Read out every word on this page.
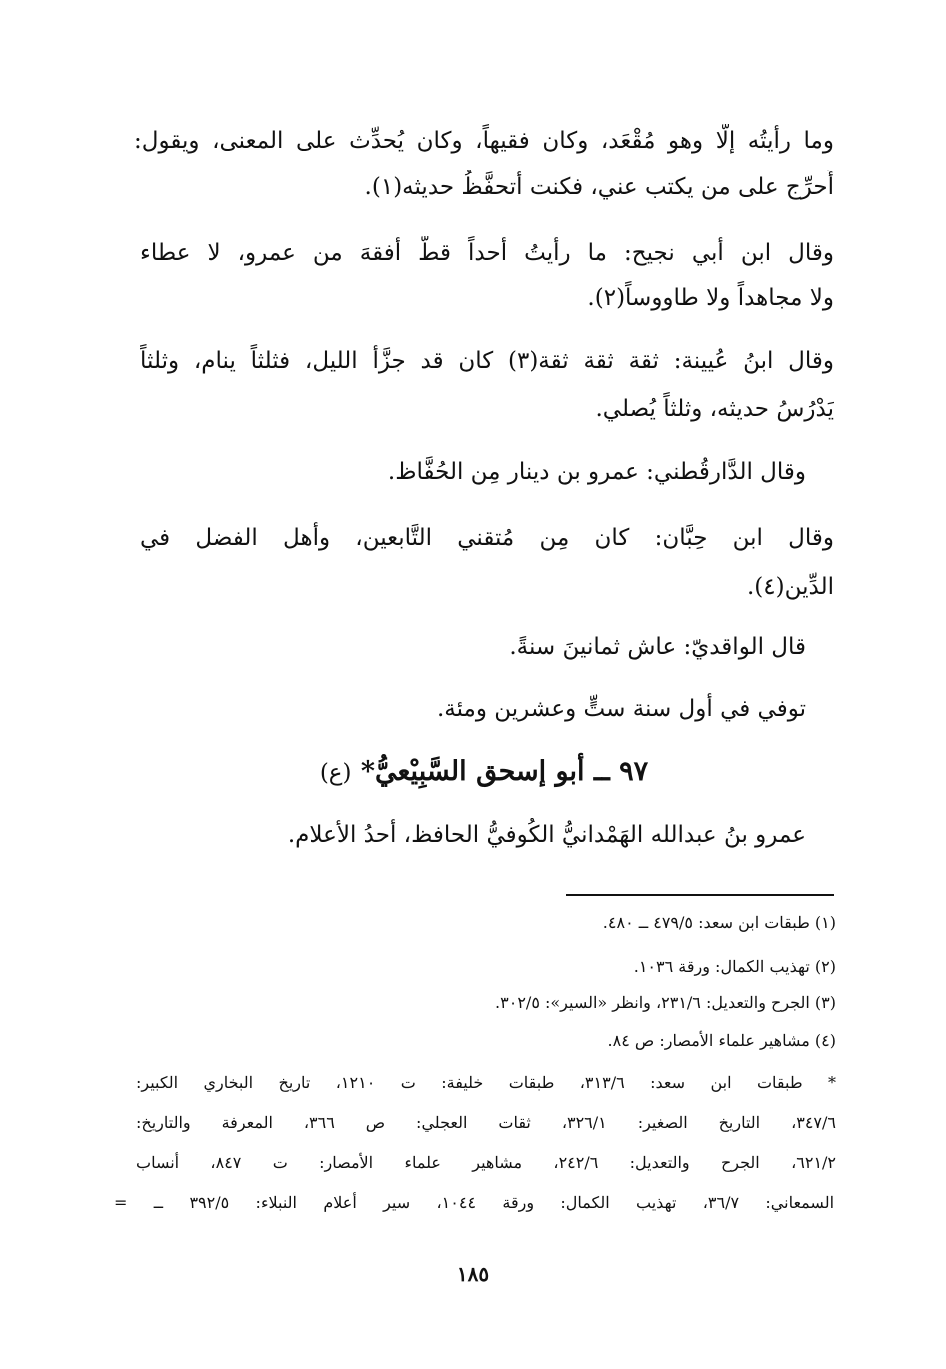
وما رأيتُه إلَّا وهو مُقْعَد، وكان فقيهاً، وكان يُحدِّث على المعنى، ويقول:
أُحرِّج على من يكتب عني، فكنت أتحفَّظُ حديثه(١).
وقال ابن أبي نجيح: ما رأيتُ أحداً قطُّ أفقهَ من عمرو، لا عطاء
ولا مجاهداً ولا طاووساً(٢).
وقال ابنُ عُيينة: ثقة ثقة ثقة(٣) كان قد جزَّأ الليل، فثلثاً ينام، وثلثاً
يَدْرُسُ حديثه، وثلثاً يُصلي.
وقال الدَّارقُطني: عمرو بن دينار مِن الحُفَّاظ.
وقال ابن حِبَّان: كان مِن مُتقني التَّابعين، وأهل الفضل في
الدِّين(٤).
قال الواقديّ: عاش ثمانينَ سنةً.
توفي في أول سنة ستٍّ وعشرين ومئة.
٩٧ ــ أبو إسحق السَّبِيْعيُّ* (ع)
عمرو بنُ عبدالله الهَمْدانيُّ الكُوفيُّ الحافظ، أحدُ الأعلام.
(١) طبقات ابن سعد: ٤٧٩/٥ ــ ٤٨٠.
(٢) تهذيب الكمال: ورقة ١٠٣٦.
(٣) الجرح والتعديل: ٢٣١/٦، وانظر «السير»: ٣٠٢/٥.
(٤) مشاهير علماء الأمصار: ص ٨٤.
* طبقات ابن سعد: ٣١٣/٦، طبقات خليفة: ت ١٢١٠، تاريخ البخاري الكبير:
٣٤٧/٦، التاريخ الصغير: ٣٢٦/١، ثقات العجلي: ص ٣٦٦، المعرفة والتاريخ:
٦٢١/٢، الجرح والتعديل: ٢٤٢/٦، مشاهير علماء الأمصار: ت ٨٤٧، أنساب
السمعاني: ٣٦/٧، تهذيب الكمال: ورقة ١٠٤٤، سير أعلام النبلاء: ٣٩٢/٥ ــ =
١٨٥
